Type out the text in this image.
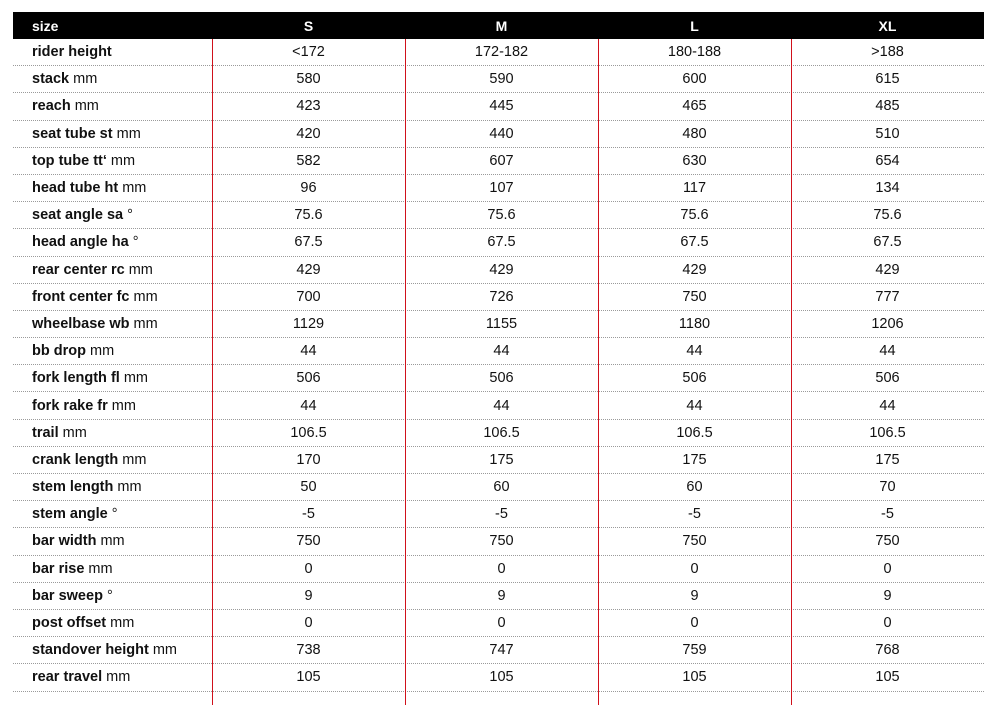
size	S	M	L	XL
rider height	<172	172-182	180-188	>188
stack mm	580	590	600	615
reach mm	423	445	465	485
seat tube st mm	420	440	480	510
top tube tt‘ mm	582	607	630	654
head tube ht mm	96	107	117	134
seat angle sa °	75.6	75.6	75.6	75.6
head angle ha °	67.5	67.5	67.5	67.5
rear center rc mm	429	429	429	429
front center fc mm	700	726	750	777
wheelbase wb mm	1129	1155	1180	1206
bb drop mm	44	44	44	44
fork length fl mm	506	506	506	506
fork rake fr mm	44	44	44	44
trail mm	106.5	106.5	106.5	106.5
crank length mm	170	175	175	175
stem length mm	50	60	60	70
stem angle °	-5	-5	-5	-5
bar width mm	750	750	750	750
bar rise mm	0	0	0	0
bar sweep °	9	9	9	9
post offset mm	0	0	0	0
standover height mm	738	747	759	768
rear travel mm	105	105	105	105
